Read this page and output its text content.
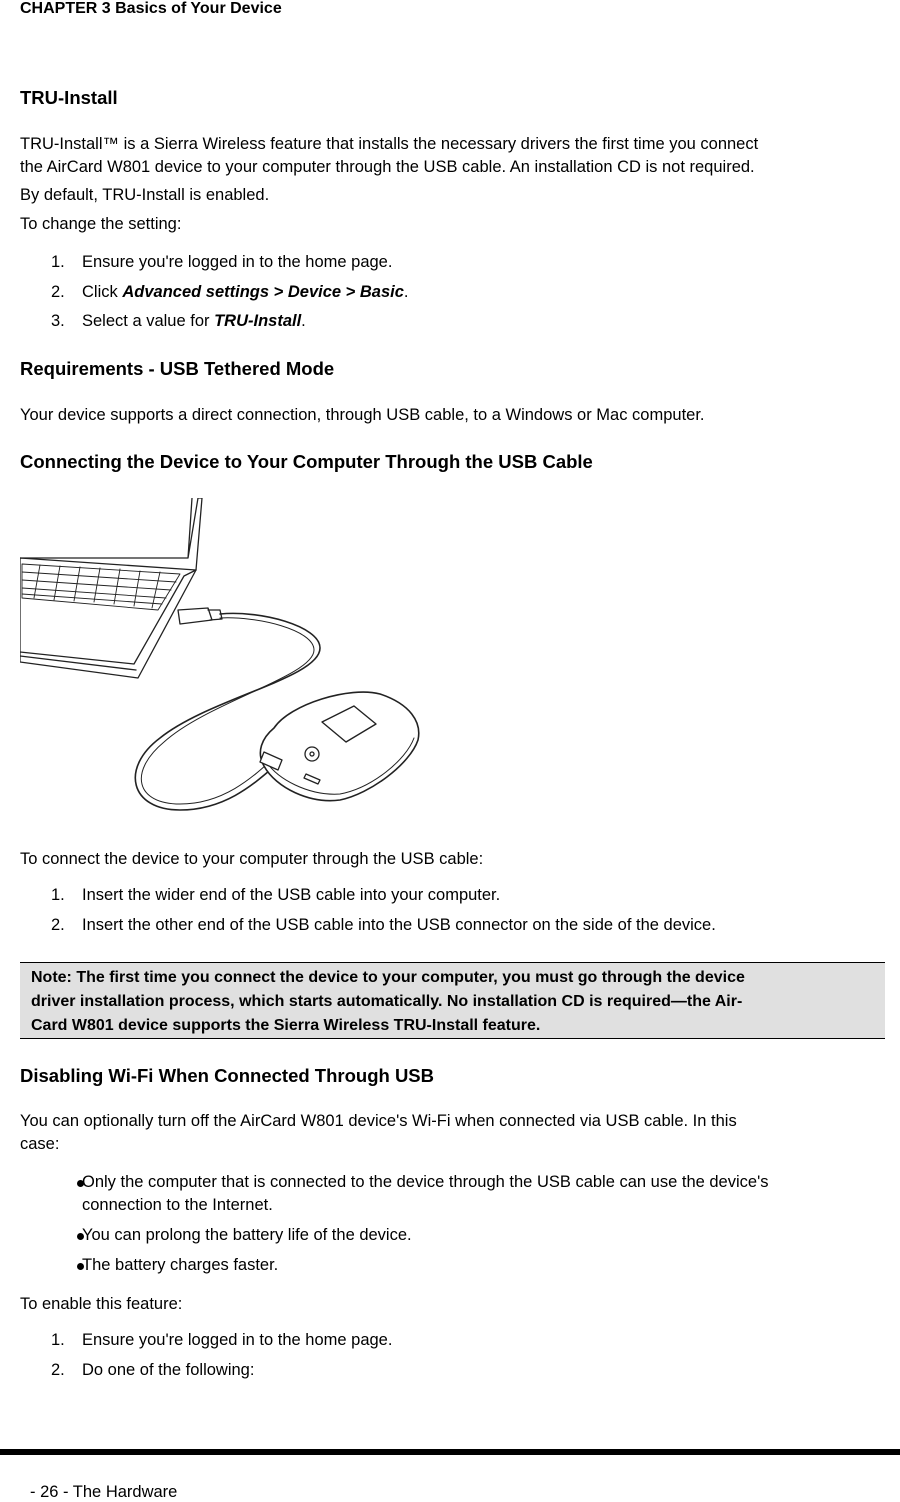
CHAPTER 3 Basics of Your Device
TRU-Install

TRU-Install™ is a Sierra Wireless feature that installs the necessary drivers the first time you connect

the AirCard W801 device to your computer through the USB cable. An installation CD is not required.

By default, TRU-Install is enabled.

To change the setting:

1.	Ensure you're logged in to the home page.
2.	Click Advanced settings > Device > Basic.
3.	Select a value for TRU-Install.
Requirements - USB Tethered Mode

Your device supports a direct connection, through USB cable, to a Windows or Mac computer.

Connecting the Device to Your Computer Through the USB Cable

To connect the device to your computer through the USB cable:

1.	Insert the wider end of the USB cable into your computer.
2.	Insert the other end of the USB cable into the USB connector on the side of the device.
Note: The first time you connect the device to your computer, you must go through the device
driver installation process, which starts automatically. No installation CD is required—the Air-
Card W801 device supports the Sierra Wireless TRU-Install feature.
Disabling Wi-Fi When Connected Through USB

You can optionally turn off the AirCard W801 device's Wi-Fi when connected via USB cable. In this

case:

Only the computer that is connected to the device through the USB cable can use the device's
connection to the Internet.
You can prolong the battery life of the device.
The battery charges faster.

To enable this feature:

1.	Ensure you're logged in to the home page.
2.	Do one of the following:
- 26 - The Hardware
